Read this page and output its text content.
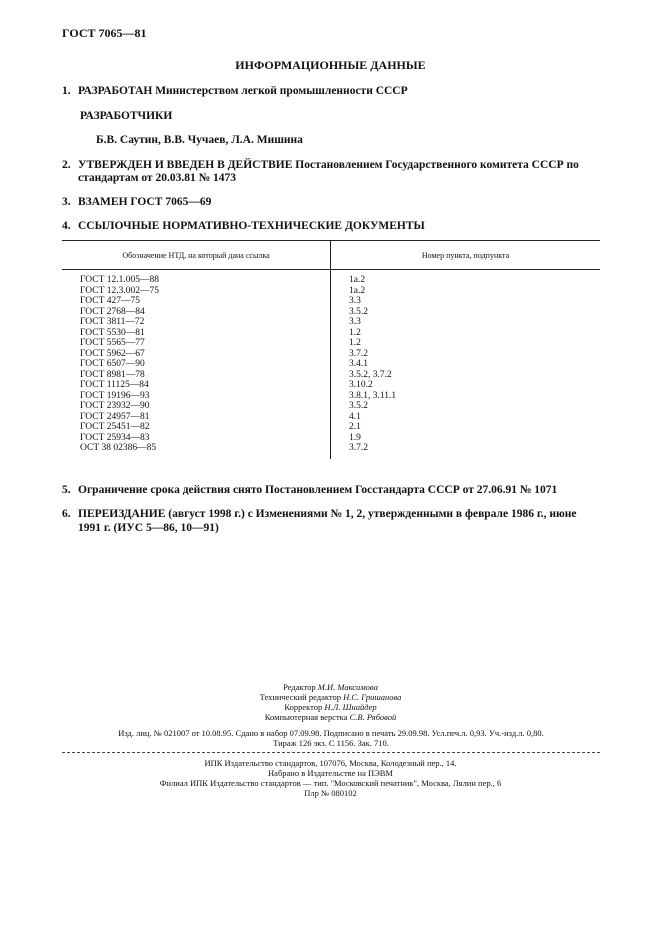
ГОСТ 7065—81
ИНФОРМАЦИОННЫЕ ДАННЫЕ
1. РАЗРАБОТАН Министерством легкой промышленности СССР
РАЗРАБОТЧИКИ
Б.В. Саутин, В.В. Чучаев, Л.А. Мишина
2. УТВЕРЖДЕН И ВВЕДЕН В ДЕЙСТВИЕ Постановлением Государственного комитета СССР по
стандартам от 20.03.81 № 1473
3. ВЗАМЕН ГОСТ 7065—69
4. ССЫЛОЧНЫЕ НОРМАТИВНО-ТЕХНИЧЕСКИЕ ДОКУМЕНТЫ
Обозначение НТД, на который дана ссылка	Номер пункта, подпункта
ГОСТ 12.1.005—88	1а.2
ГОСТ 12.3.002—75	1а.2
ГОСТ 427—75	3.3
ГОСТ 2768—84	3.5.2
ГОСТ 3811—72	3.3
ГОСТ 5530—81	1.2
ГОСТ 5565—77	1.2
ГОСТ 5962—67	3.7.2
ГОСТ 6507—90	3.4.1
ГОСТ 8981—78	3.5.2, 3.7.2
ГОСТ 11125—84	3.10.2
ГОСТ 19196—93	3.8.1, 3.11.1
ГОСТ 23932—90	3.5.2
ГОСТ 24957—81	4.1
ГОСТ 25451—82	2.1
ГОСТ 25934—83	1.9
ОСТ 38 02386—85	3.7.2
5. Ограничение срока действия снято Постановлением Госстандарта СССР от 27.06.91 № 1071
6. ПЕРЕИЗДАНИЕ (август 1998 г.) с Изменениями № 1, 2, утвержденными в феврале 1986 г., июне
1991 г. (ИУС 5—86, 10—91)
Редактор М.И. Максимова
Технический редактор Н.С. Гришанова
Корректор Н.Л. Шнайдер
Компьютерная верстка С.В. Рябовой
Изд. лиц. № 021007 от 10.08.95. Сдано в набор 07.09.98. Подписано в печать 29.09.98. Усл.печ.л. 0,93. Уч.-изд.л. 0,80.
Тираж 126 экз. С 1156. Зак. 710.
ИПК Издательство стандартов, 107076, Москва, Колодезный пер., 14.
Набрано в Издательстве на ПЭВМ
Филиал ИПК Издательство стандартов — тип. "Московский печатник", Москва, Лялин пер., 6
Плр № 080102
